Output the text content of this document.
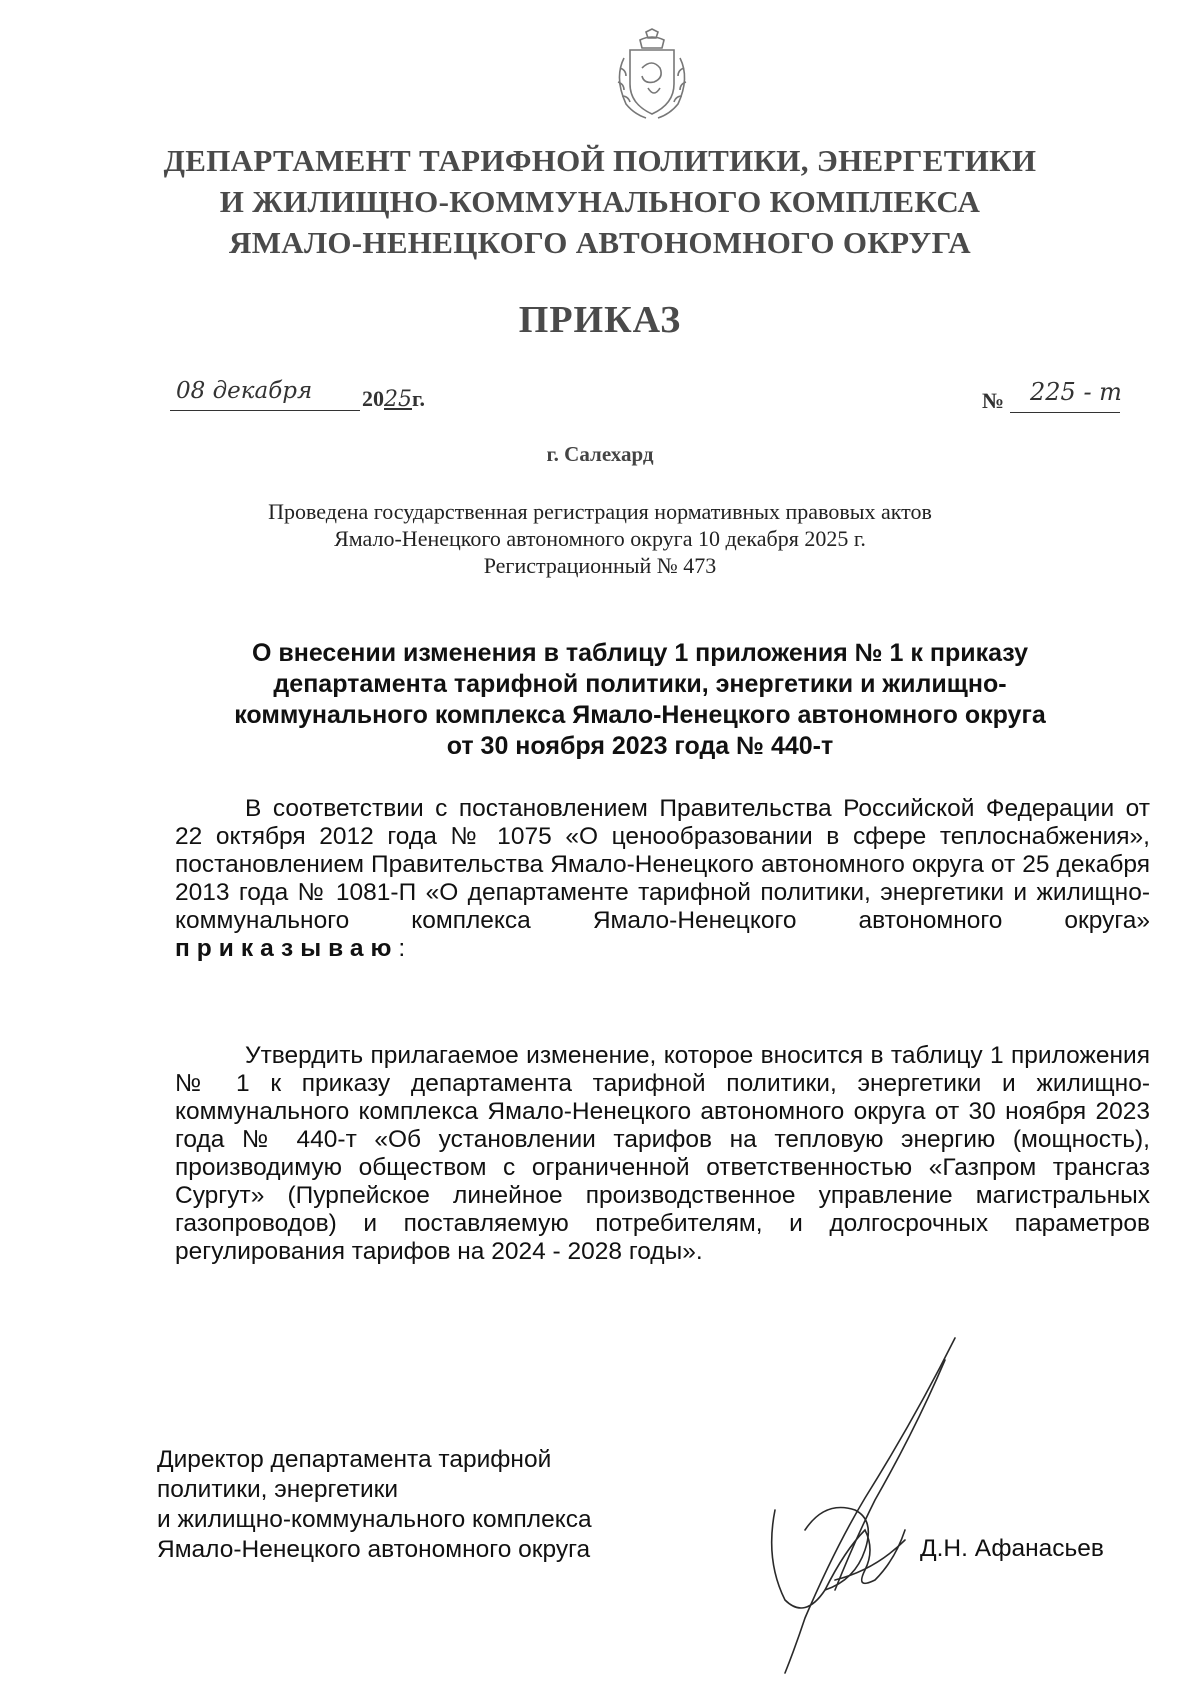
ДЕПАРТАМЕНТ ТАРИФНОЙ ПОЛИТИКИ, ЭНЕРГЕТИКИ
И ЖИЛИЩНО-КОММУНАЛЬНОГО КОМПЛЕКСА
ЯМАЛО-НЕНЕЦКОГО АВТОНОМНОГО ОКРУГА
ПРИКАЗ
08 декабря 2025г.	№ 225 - т
г. Салехард
Проведена государственная регистрация нормативных правовых актов
Ямало-Ненецкого автономного округа 10 декабря 2025 г.
Регистрационный № 473
О внесении изменения в таблицу 1 приложения № 1 к приказу
департамента тарифной политики, энергетики и жилищно-
коммунального комплекса Ямало-Ненецкого автономного округа
от 30 ноября 2023 года № 440-т
В соответствии с постановлением Правительства Российской Федерации от 22 октября 2012 года № 1075 «О ценообразовании в сфере теплоснабжения», постановлением Правительства Ямало-Ненецкого автономного округа от 25 декабря 2013 года № 1081-П «О департаменте тарифной политики, энергетики и жилищно-коммунального комплекса Ямало-Ненецкого автономного округа» приказываю:
Утвердить прилагаемое изменение, которое вносится в таблицу 1 приложения № 1 к приказу департамента тарифной политики, энергетики и жилищно-коммунального комплекса Ямало-Ненецкого автономного округа от 30 ноября 2023 года № 440-т «Об установлении тарифов на тепловую энергию (мощность), производимую обществом с ограниченной ответственностью «Газпром трансгаз Сургут» (Пурпейское линейное производственное управление магистральных газопроводов) и поставляемую потребителям, и долгосрочных параметров регулирования тарифов на 2024 - 2028 годы».
Директор департамента тарифной
политики, энергетики
и жилищно-коммунального комплекса
Ямало-Ненецкого автономного округа	Д.Н. Афанасьев
